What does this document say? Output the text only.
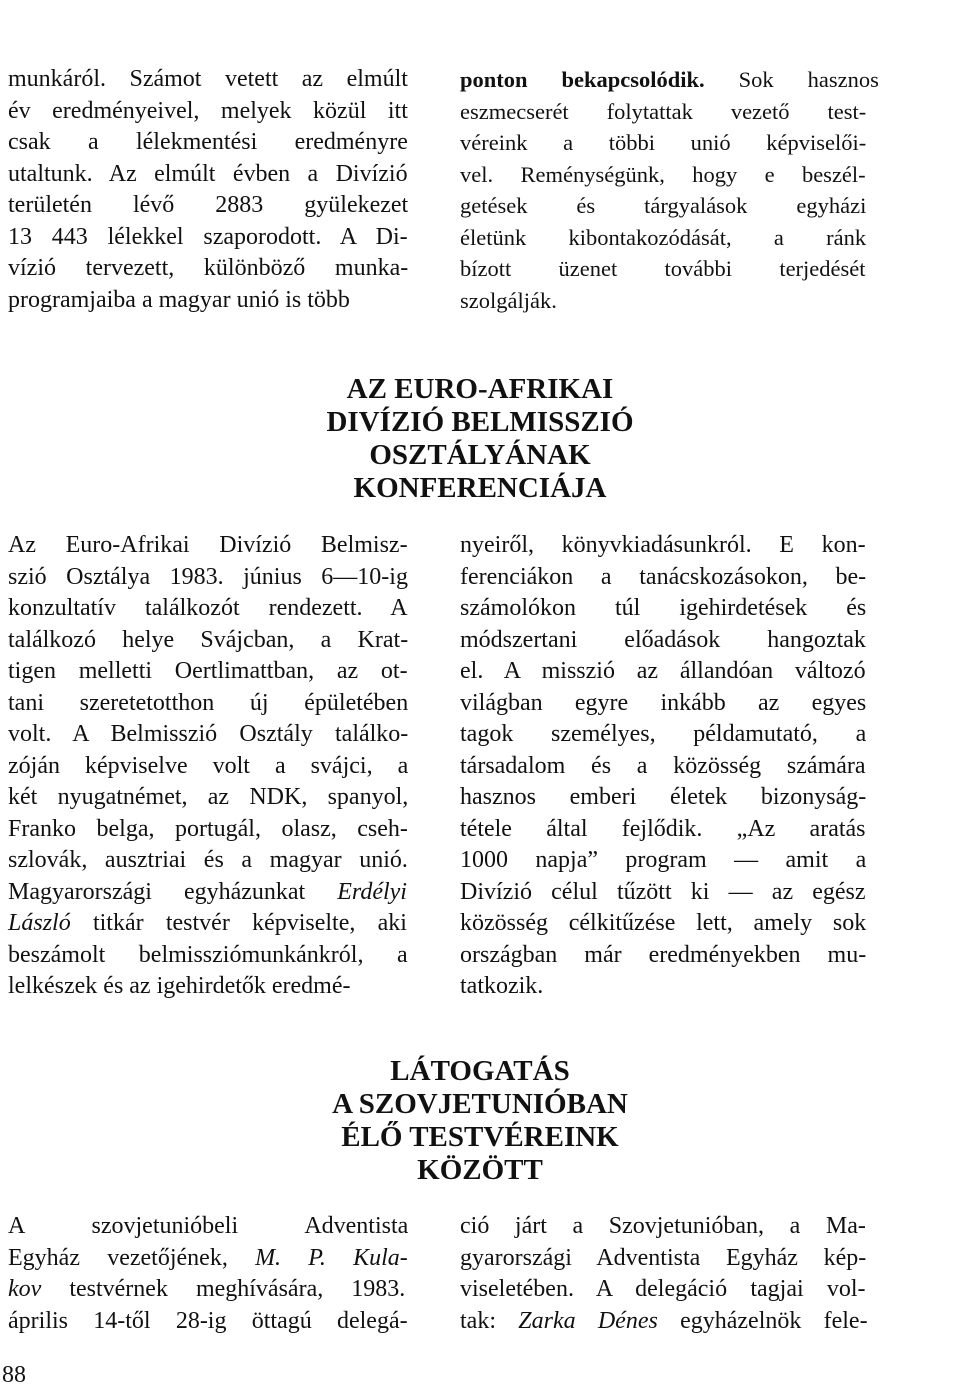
munkáról. Számot vetett az elmúlt
év eredményeivel, melyek közül itt
csak a lélekmentési eredményre
utaltunk. Az elmúlt évben a Divízió
területén lévő 2883 gyülekezet
13 443 lélekkel szaporodott. A Di-
vízió tervezett, különböző munka-
programjaiba a magyar unió is több
ponton bekapcsolódik. Sok hasznos
eszmecserét folytattak vezető test-
véreink a többi unió képviselői-
vel. Reménységünk, hogy e beszél-
getések és tárgyalások egyházi
életünk kibontakozódását, a ránk
bízott üzenet további terjedését
szolgálják.
AZ EURO-AFRIKAI
DIVÍZIÓ BELMISSZIÓ
OSZTÁLYÁNAK
KONFERENCIÁJA
Az Euro-Afrikai Divízió Belmisz-
szió Osztálya 1983. június 6—10-ig
konzultatív találkozót rendezett. A
találkozó helye Svájcban, a Krat-
tigen melletti Oertlimattban, az ot-
tani szeretetotthon új épületében
volt. A Belmisszió Osztály találko-
zóján képviselve volt a svájci, a
két nyugatnémet, az NDK, spanyol,
Franko belga, portugál, olasz, cseh-
szlovák, ausztriai és a magyar unió.
Magyarországi egyházunkat Erdélyi
László titkár testvér képviselte, aki
beszámolt belmissziómunkánkról, a
lelkészek és az igehirdetők eredmé-
nyeiről, könyvkiadásunkról. E kon-
ferenciákon a tanácskozásokon, be-
számolókon túl igehirdetések és
módszertani előadások hangoztak
el. A misszió az állandóan változó
világban egyre inkább az egyes
tagok személyes, példamutató, a
társadalom és a közösség számára
hasznos emberi életek bizonyság-
tétele által fejlődik. „Az aratás
1000 napja” program — amit a
Divízió célul tűzött ki — az egész
közösség célkitűzése lett, amely sok
országban már eredményekben mu-
tatkozik.
LÁTOGATÁS
A SZOVJETUNIÓBAN
ÉLŐ TESTVÉREINK
KÖZÖTT
A szovjetunióbeli Adventista
Egyház vezetőjének, M. P. Kula-
kov testvérnek meghívására, 1983.
április 14-től 28-ig öttagú delegá-
ció járt a Szovjetunióban, a Ma-
gyarországi Adventista Egyház kép-
viseletében. A delegáció tagjai vol-
tak: Zarka Dénes egyházelnök fele-
88
